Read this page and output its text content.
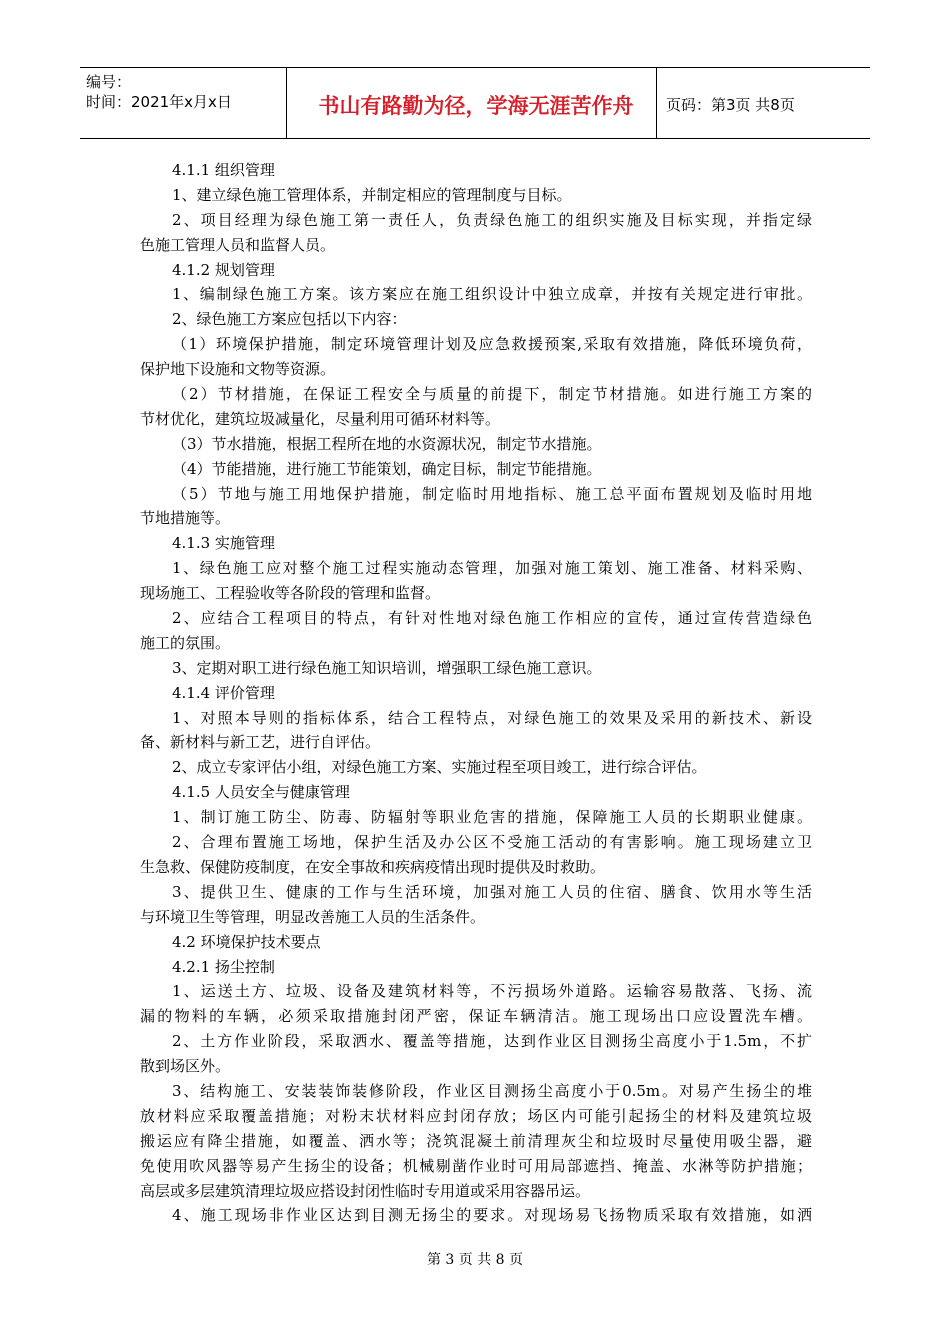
编号：
时间：2021年x月x日	书山有路勤为径，学海无涯苦作舟	页码：第3页 共8页
4.1.1 组织管理
1、建立绿色施工管理体系，并制定相应的管理制度与目标。
2、项目经理为绿色施工第一责任人，负责绿色施工的组织实施及目标实现，并指定绿
色施工管理人员和监督人员。
4.1.2 规划管理
1、编制绿色施工方案。该方案应在施工组织设计中独立成章，并按有关规定进行审批。
2、绿色施工方案应包括以下内容：
（1）环境保护措施，制定环境管理计划及应急救援预案,采取有效措施，降低环境负荷，
保护地下设施和文物等资源。
（2）节材措施，在保证工程安全与质量的前提下，制定节材措施。如进行施工方案的
节材优化，建筑垃圾减量化，尽量利用可循环材料等。
（3）节水措施，根据工程所在地的水资源状况，制定节水措施。
（4）节能措施，进行施工节能策划，确定目标，制定节能措施。
（5）节地与施工用地保护措施，制定临时用地指标、施工总平面布置规划及临时用地
节地措施等。
4.1.3 实施管理
1、绿色施工应对整个施工过程实施动态管理，加强对施工策划、施工准备、材料采购、
现场施工、工程验收等各阶段的管理和监督。
2、应结合工程项目的特点，有针对性地对绿色施工作相应的宣传，通过宣传营造绿色
施工的氛围。
3、定期对职工进行绿色施工知识培训，增强职工绿色施工意识。
4.1.4 评价管理
1、对照本导则的指标体系，结合工程特点，对绿色施工的效果及采用的新技术、新设
备、新材料与新工艺，进行自评估。
2、成立专家评估小组，对绿色施工方案、实施过程至项目竣工，进行综合评估。
4.1.5 人员安全与健康管理
1、制订施工防尘、防毒、防辐射等职业危害的措施，保障施工人员的长期职业健康。
2、合理布置施工场地，保护生活及办公区不受施工活动的有害影响。施工现场建立卫
生急救、保健防疫制度，在安全事故和疾病疫情出现时提供及时救助。
3、提供卫生、健康的工作与生活环境，加强对施工人员的住宿、膳食、饮用水等生活
与环境卫生等管理，明显改善施工人员的生活条件。
4.2 环境保护技术要点
4.2.1 扬尘控制
1、运送土方、垃圾、设备及建筑材料等，不污损场外道路。运输容易散落、飞扬、流
漏的物料的车辆，必须采取措施封闭严密，保证车辆清洁。施工现场出口应设置洗车槽。
2、土方作业阶段，采取洒水、覆盖等措施，达到作业区目测扬尘高度小于1.5m，不扩
散到场区外。
3、结构施工、安装装饰装修阶段，作业区目测扬尘高度小于0.5m。对易产生扬尘的堆
放材料应采取覆盖措施；对粉末状材料应封闭存放；场区内可能引起扬尘的材料及建筑垃圾
搬运应有降尘措施，如覆盖、洒水等；浇筑混凝土前清理灰尘和垃圾时尽量使用吸尘器，避
免使用吹风器等易产生扬尘的设备；机械剔凿作业时可用局部遮挡、掩盖、水淋等防护措施；
高层或多层建筑清理垃圾应搭设封闭性临时专用道或采用容器吊运。
4、施工现场非作业区达到目测无扬尘的要求。对现场易飞扬物质采取有效措施，如洒
第 3 页 共 8 页
